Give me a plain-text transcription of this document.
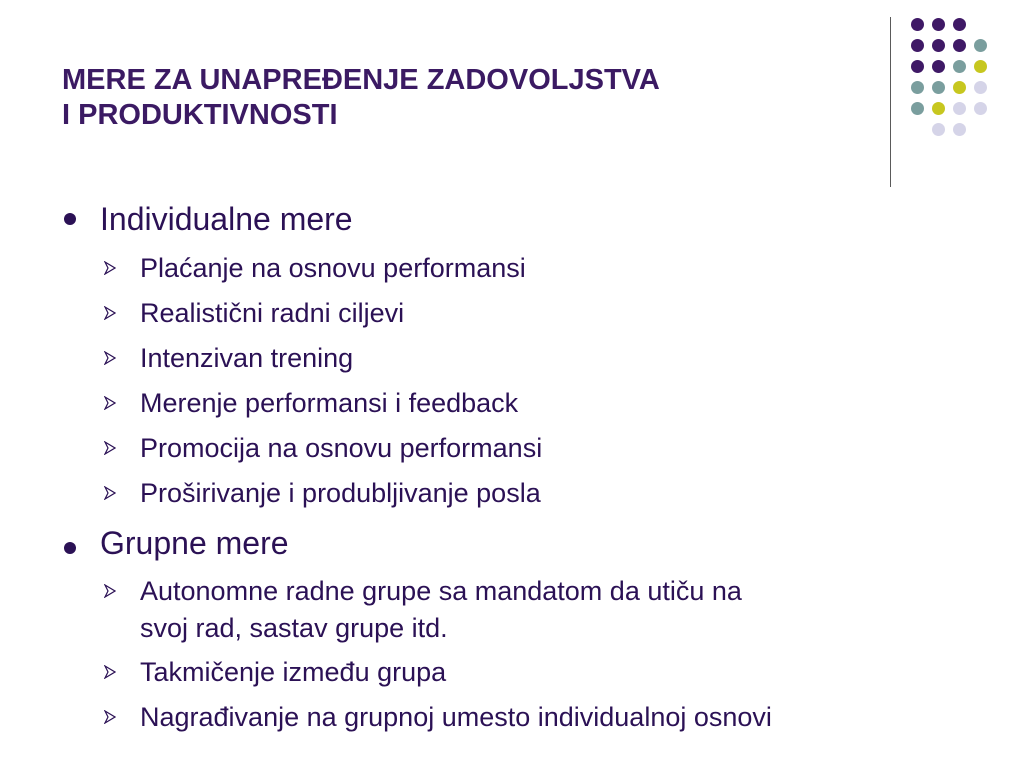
MERE ZA UNAPREĐENJE ZADOVOLJSTVA
I PRODUKTIVNOSTI
Individualne mere
Plaćanje na osnovu performansi
Realistični radni ciljevi
Intenzivan trening
Merenje performansi i feedback
Promocija na osnovu performansi
Proširivanje i produbljivanje posla
Grupne mere
Autonomne radne grupe sa mandatom da utiču na
svoj rad, sastav grupe itd.
Takmičenje između grupa
Nagrađivanje na grupnoj umesto individualnoj osnovi
